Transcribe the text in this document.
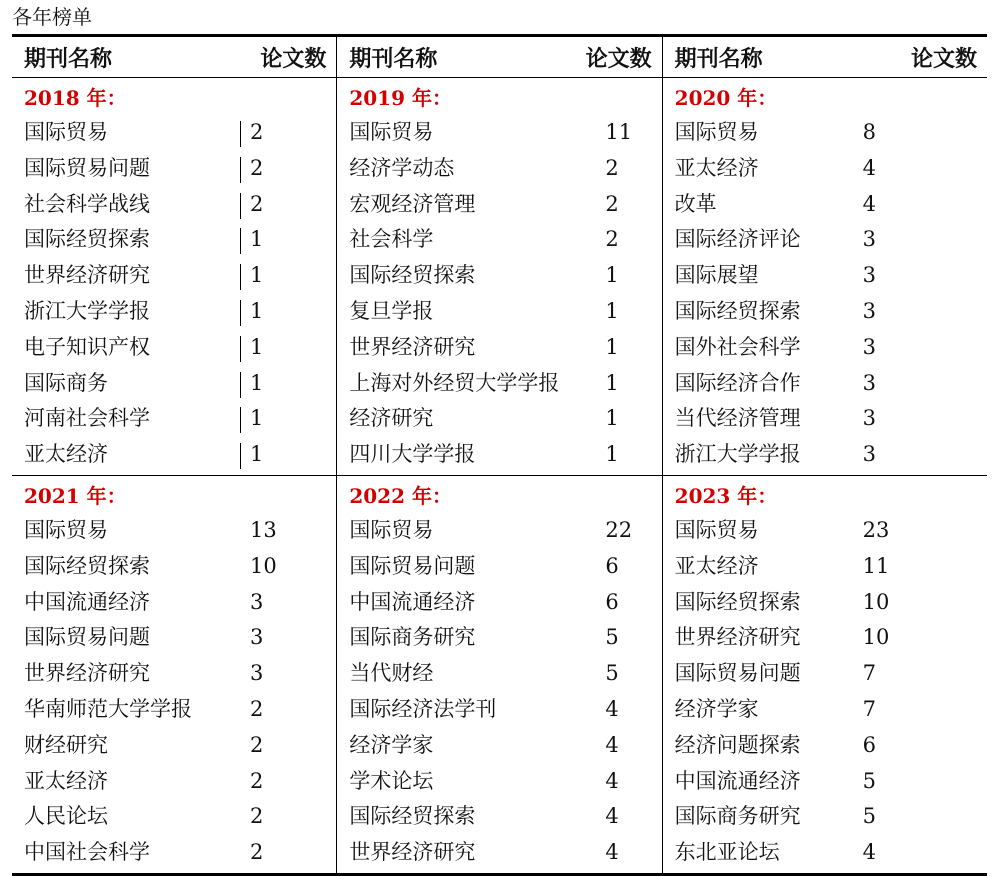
各年榜单
期刊名称	论文数 期刊名称	论文数 期刊名称	论文数
2018 年：
国际贸易	2
国际贸易问题	2
社会科学战线	2
国际经贸探索	1
世界经济研究	1
浙江大学学报	1
电子知识产权	1
国际商务	1
河南社会科学	1
亚太经济	1
2019 年：
国际贸易	11
经济学动态	2
宏观经济管理	2
社会科学	2
国际经贸探索	1
复旦学报	1
世界经济研究	1
上海对外经贸大学学报 1
经济研究	1
四川大学学报	1
2020 年：
国际贸易	8
亚太经济	4
改革	4
国际经济评论	3
国际展望	3
国际经贸探索	3
国外社会科学	3
国际经济合作	3
当代经济管理	3
浙江大学学报	3
2021 年：
国际贸易	13
国际经贸探索	10
中国流通经济	3
国际贸易问题	3
世界经济研究	3
华南师范大学学报	2
财经研究	2
亚太经济	2
人民论坛	2
中国社会科学	2
2022 年：
国际贸易	22
国际贸易问题	6
中国流通经济	6
国际商务研究	5
当代财经	5
国际经济法学刊	4
经济学家	4
学术论坛	4
国际经贸探索	4
世界经济研究	4
2023 年：
国际贸易	23
亚太经济	11
国际经贸探索	10
世界经济研究	10
国际贸易问题	7
经济学家	7
经济问题探索	6
中国流通经济	5
国际商务研究	5
东北亚论坛	4
